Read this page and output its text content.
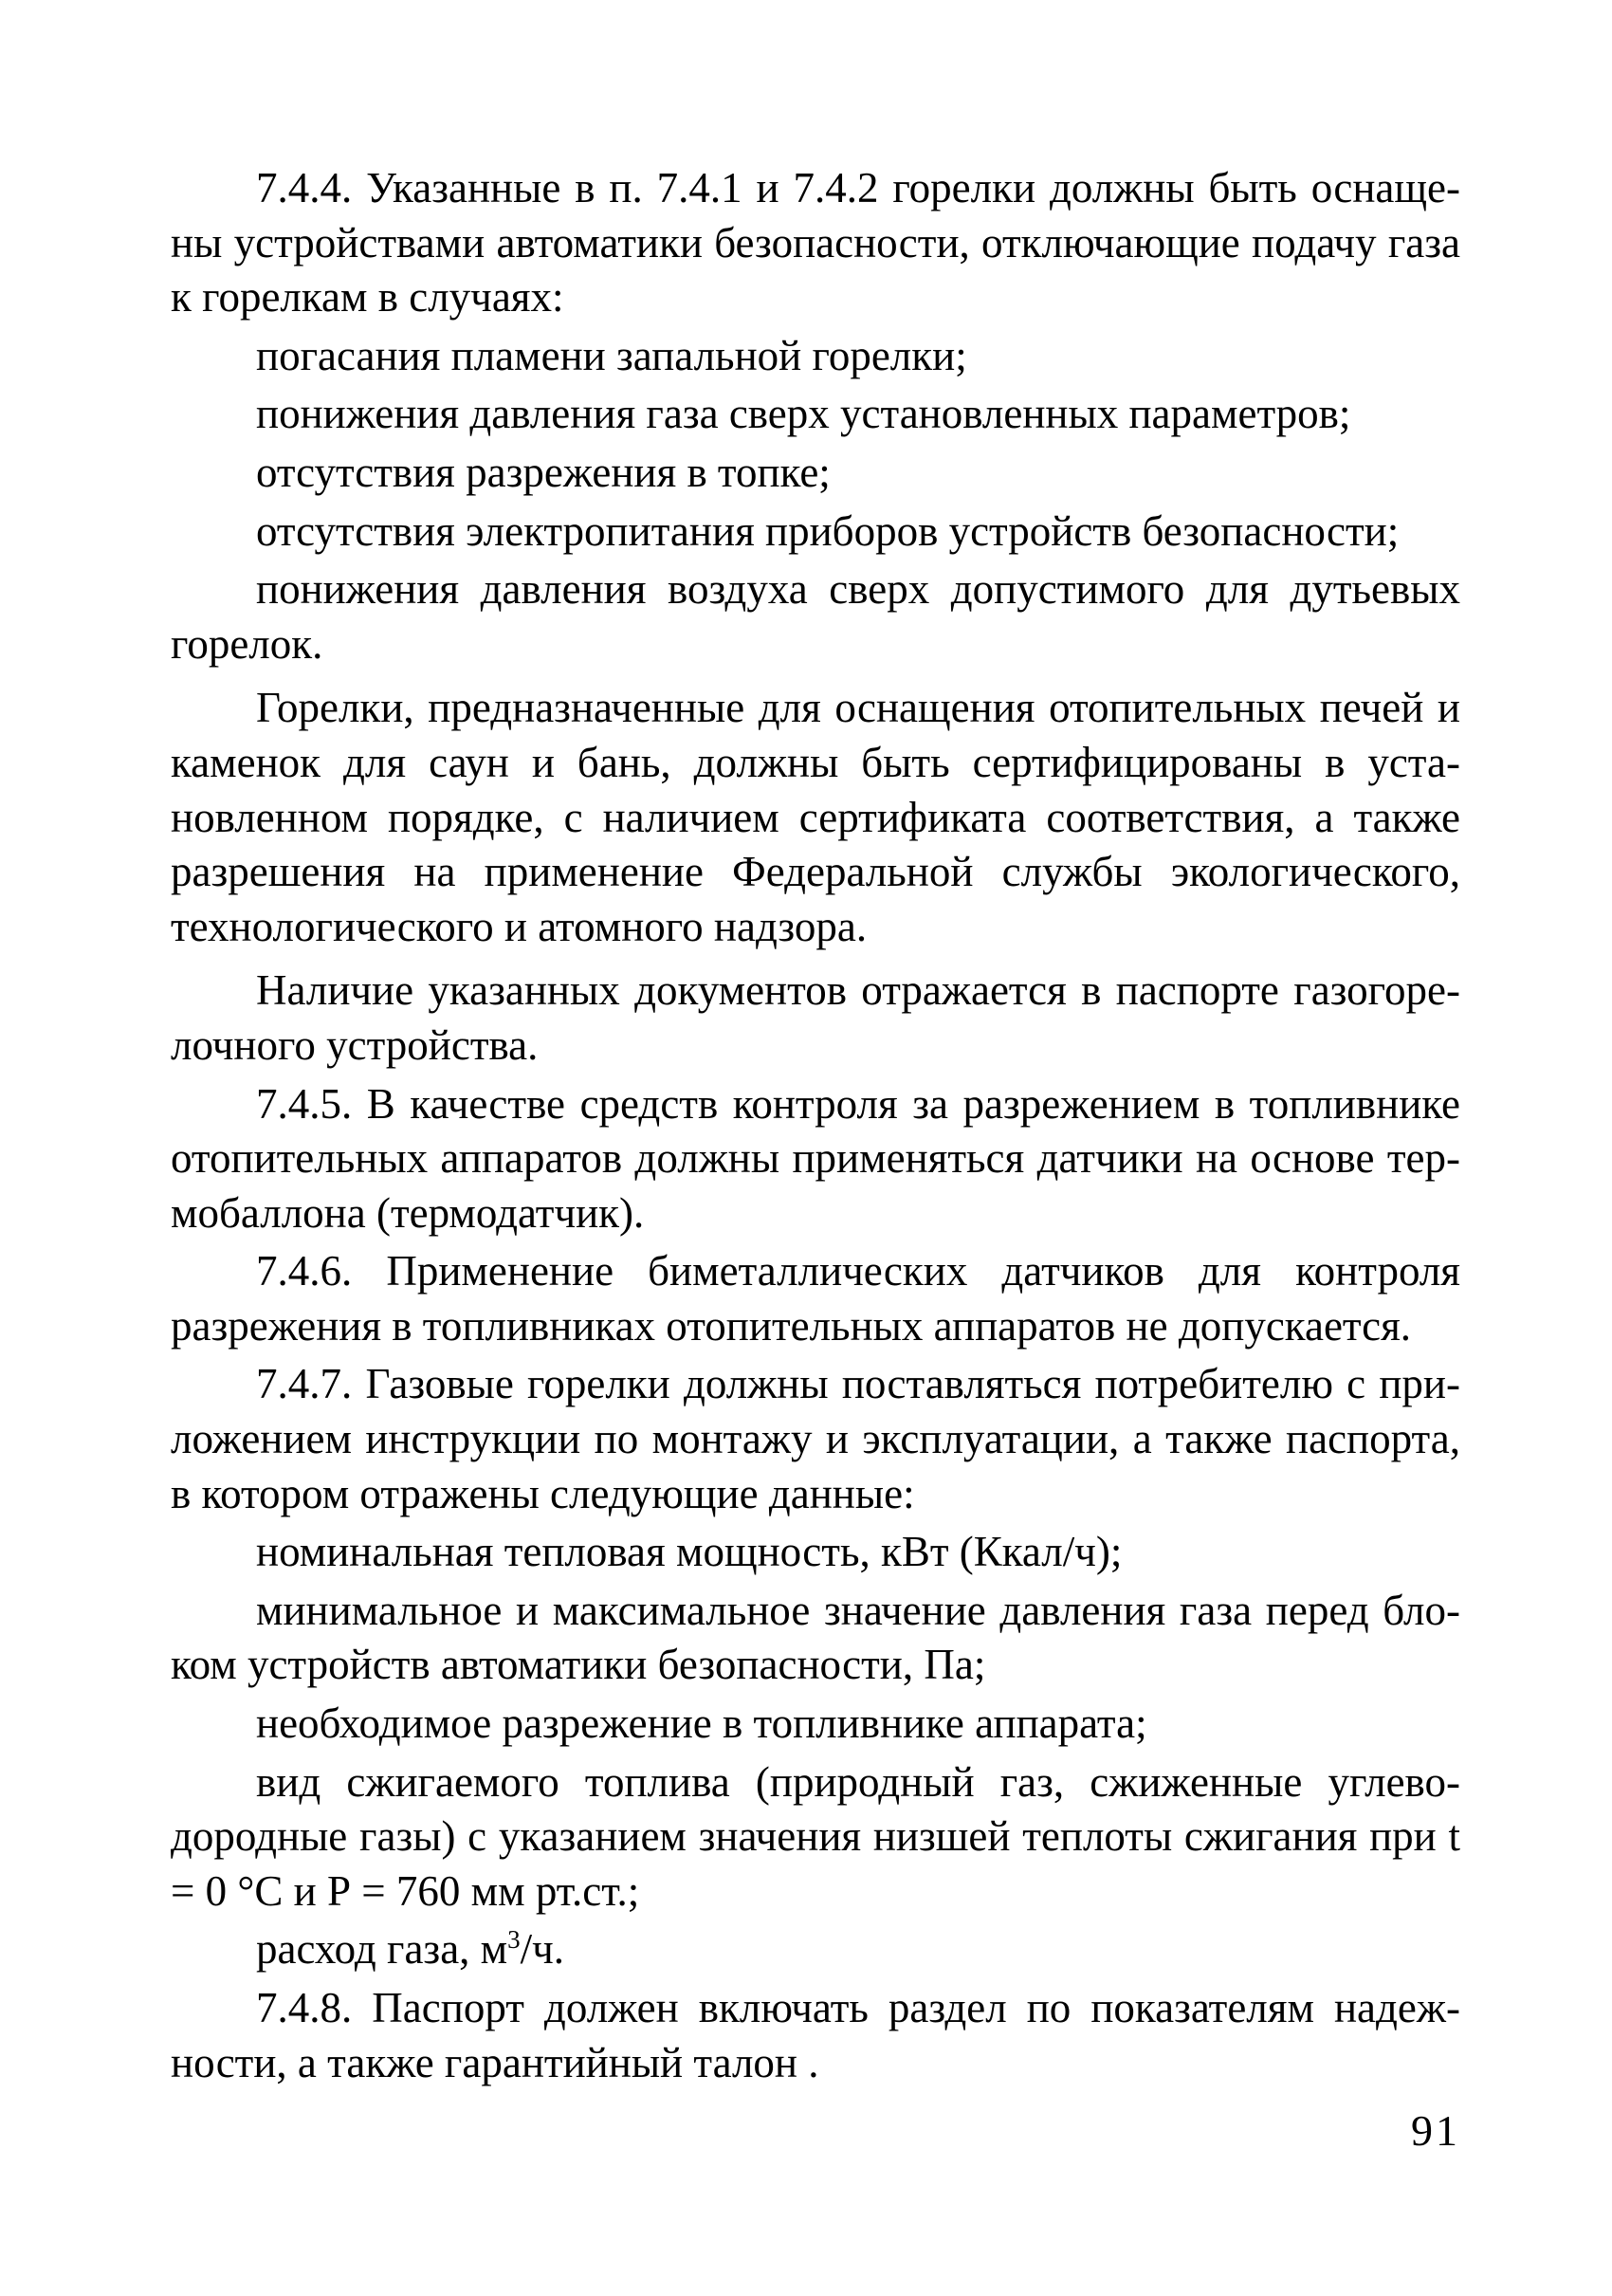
7.4.4. Указанные в п. 7.4.1 и 7.4.2 горелки должны быть оснащены устройствами автоматики безопасности, отключающие подачу газа к горелкам в случаях:

погасания пламени запальной горелки;

понижения давления газа сверх установленных параметров;

отсутствия разрежения в топке;

отсутствия электропитания приборов устройств безопасности;

понижения давления воздуха сверх допустимого для дутьевых горелок.

Горелки, предназначенные для оснащения отопительных печей и каменок для саун и бань, должны быть сертифицированы в установленном порядке, с наличием сертификата соответствия, а также разрешения на применение Федеральной службы экологического, технологического и атомного надзора.

Наличие указанных документов отражается в паспорте газогорелочного устройства.

7.4.5. В качестве средств контроля за разрежением в топливнике отопительных аппаратов должны применяться датчики на основе термобаллона (термодатчик).

7.4.6. Применение биметаллических датчиков для контроля разрежения в топливниках отопительных аппаратов не допускается.

7.4.7. Газовые горелки должны поставляться потребителю с приложением инструкции по монтажу и эксплуатации, а также паспорта, в котором отражены следующие данные:

номинальная тепловая мощность, кВт (Ккал/ч);

минимальное и максимальное значение давления газа перед блоком устройств автоматики безопасности, Па;

необходимое разрежение в топливнике аппарата;

вид сжигаемого топлива (природный газ, сжиженные углеводородные газы) с указанием значения низшей теплоты сжигания при t = 0 °С и Р = 760 мм рт.ст.;

расход газа, $м^3/ч$.

7.4.8. Паспорт должен включать раздел по показателям надежности, а также гарантийный талон .

91
